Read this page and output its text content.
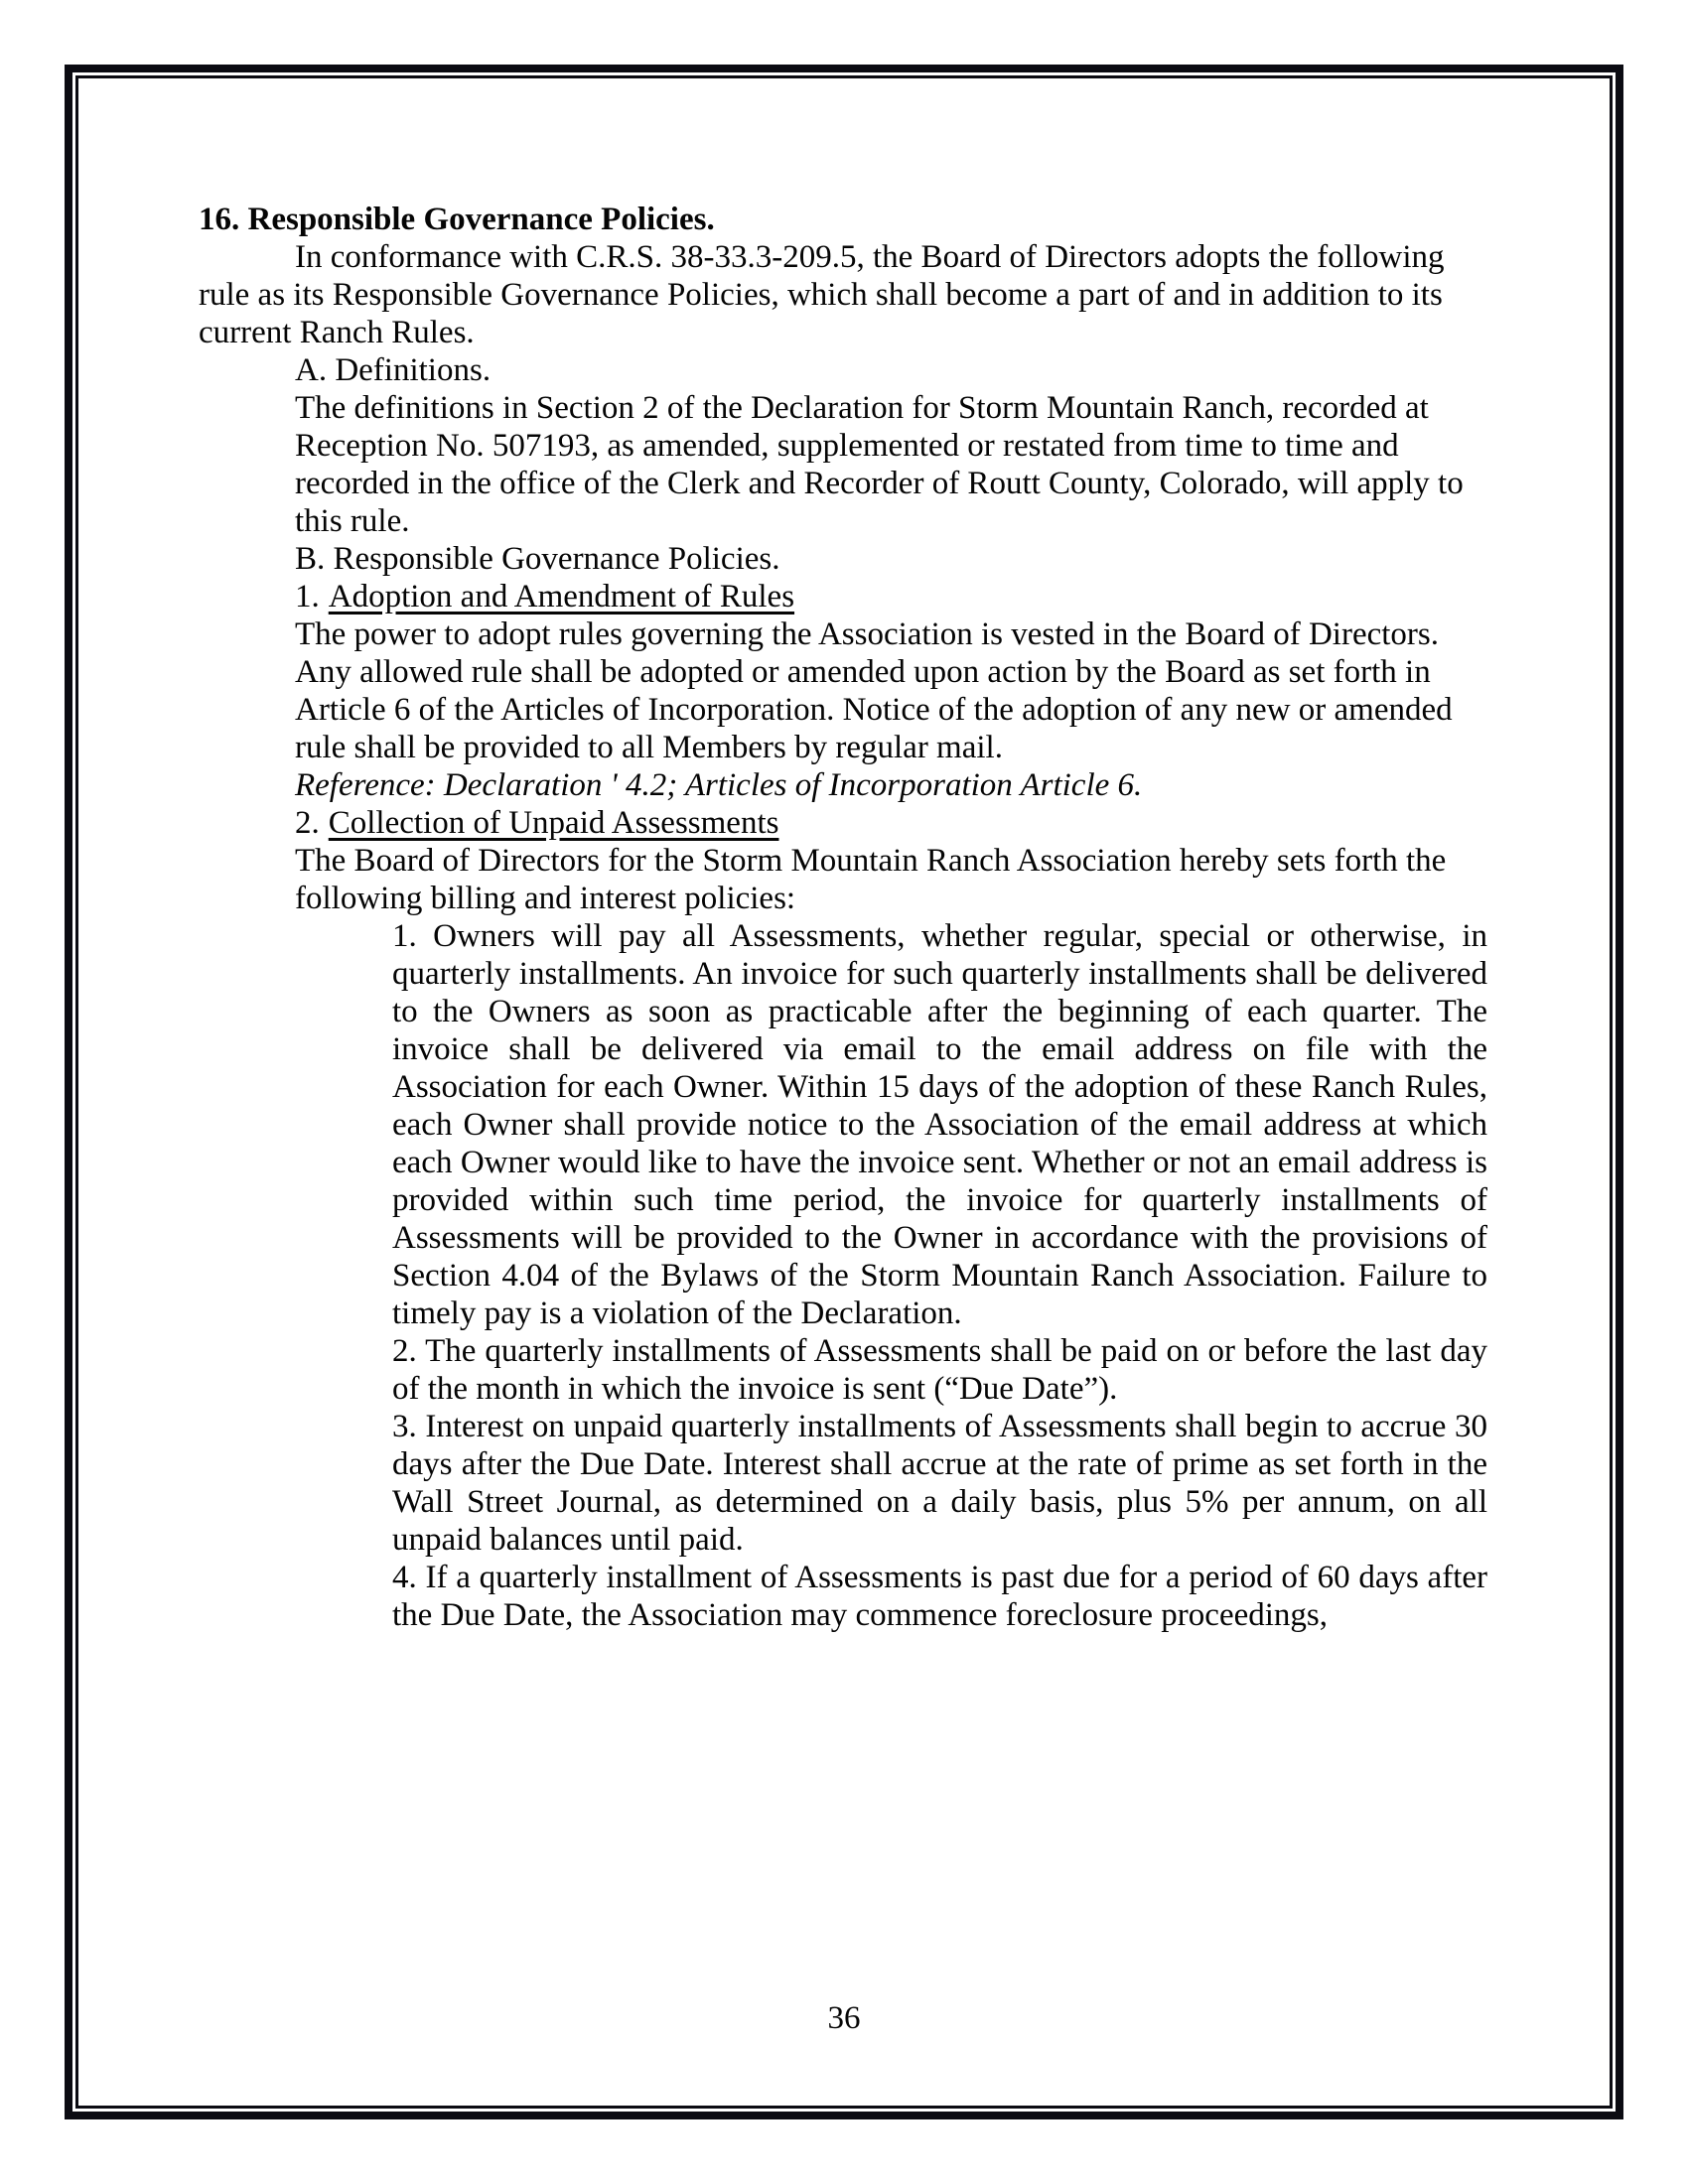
16. Responsible Governance Policies.

In conformance with C.R.S. 38-33.3-209.5, the Board of Directors adopts the following rule as its Responsible Governance Policies, which shall become a part of and in addition to its current Ranch Rules.

A. Definitions.

The definitions in Section 2 of the Declaration for Storm Mountain Ranch, recorded at Reception No. 507193, as amended, supplemented or restated from time to time and recorded in the office of the Clerk and Recorder of Routt County, Colorado, will apply to this rule.

B. Responsible Governance Policies.

1. Adoption and Amendment of Rules

The power to adopt rules governing the Association is vested in the Board of Directors. Any allowed rule shall be adopted or amended upon action by the Board as set forth in Article 6 of the Articles of Incorporation. Notice of the adoption of any new or amended rule shall be provided to all Members by regular mail.

Reference: Declaration ' 4.2; Articles of Incorporation Article 6.

2. Collection of Unpaid Assessments

The Board of Directors for the Storm Mountain Ranch Association hereby sets forth the following billing and interest policies:

1. Owners will pay all Assessments, whether regular, special or otherwise, in quarterly installments. An invoice for such quarterly installments shall be delivered to the Owners as soon as practicable after the beginning of each quarter. The invoice shall be delivered via email to the email address on file with the Association for each Owner. Within 15 days of the adoption of these Ranch Rules, each Owner shall provide notice to the Association of the email address at which each Owner would like to have the invoice sent. Whether or not an email address is provided within such time period, the invoice for quarterly installments of Assessments will be provided to the Owner in accordance with the provisions of Section 4.04 of the Bylaws of the Storm Mountain Ranch Association. Failure to timely pay is a violation of the Declaration.

2. The quarterly installments of Assessments shall be paid on or before the last day of the month in which the invoice is sent (“Due Date”).

3. Interest on unpaid quarterly installments of Assessments shall begin to accrue 30 days after the Due Date. Interest shall accrue at the rate of prime as set forth in the Wall Street Journal, as determined on a daily basis, plus 5% per annum, on all unpaid balances until paid.

4. If a quarterly installment of Assessments is past due for a period of 60 days after the Due Date, the Association may commence foreclosure proceedings,

36
